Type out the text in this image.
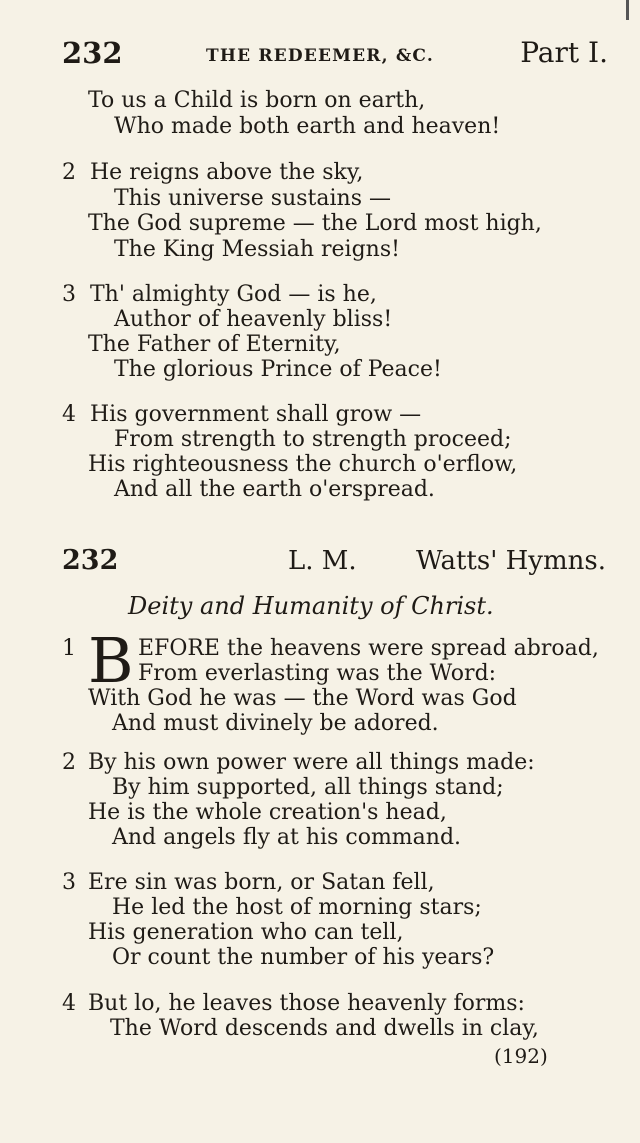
232	THE REDEEMER, &C.	Part I.
To us a Child is born on earth,
Who made both earth and heaven!
2 He reigns above the sky,
This universe sustains —
The God supreme — the Lord most high,
The King Messiah reigns!
3 Th' almighty God — is he,
Author of heavenly bliss!
The Father of Eternity,
The glorious Prince of Peace!
4 His government shall grow —
From strength to strength proceed;
His righteousness the church o'erflow,
And all the earth o'erspread.
232	L. M. Watts' Hymns.
Deity and Humanity of Christ.
1 B EFORE the heavens were spread abroad,
From everlasting was the Word:
With God he was — the Word was God
And must divinely be adored.
2 By his own power were all things made:
By him supported, all things stand;
He is the whole creation's head,
And angels fly at his command.
3 Ere sin was born, or Satan fell,
He led the host of morning stars;
His generation who can tell,
Or count the number of his years?
4 But lo, he leaves those heavenly forms:
The Word descends and dwells in clay,
(192)
